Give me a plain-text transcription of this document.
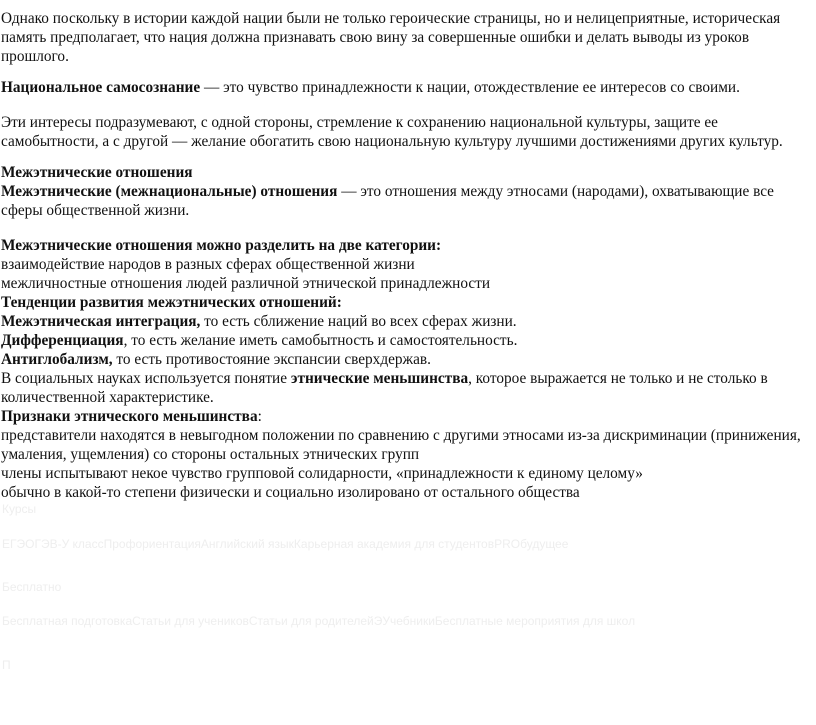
Однако поскольку в истории каждой нации были не только героические страницы, но и нелицеприятные, историческая память предполагает, что нация должна признавать свою вину за совершенные ошибки и делать выводы из уроков прошлого.

Национальное самосознание — это чувство принадлежности к нации, отождествление ее интересов со своими.

Эти интересы подразумевают, с одной стороны, стремление к сохранению национальной культуры, защите ее самобытности, а с другой — желание обогатить свою национальную культуру лучшими достижениями других культур.

Межэтнические отношения

Межэтнические (межнациональные) отношения — это отношения между этносами (народами), охватывающие все сферы общественной жизни.

Межэтнические отношения можно разделить на две категории:

взаимодействие народов в разных сферах общественной жизни

межличностные отношения людей различной этнической принадлежности

Тенденции развития межэтнических отношений:

Межэтническая интеграция, то есть сближение наций во всех сферах жизни.

Дифференциация, то есть желание иметь самобытность и самостоятельность.

Антиглобализм, то есть противостояние экспансии сверхдержав.

В социальных науках используется понятие этнические меньшинства, которое выражается не только и не столько в количественной характеристике.

Признаки этнического меньшинства:

представители находятся в невыгодном положении по сравнению с другими этносами из-за дискриминации (принижения, умаления, ущемления) со стороны остальных этнических групп

члены испытывают некое чувство групповой солидарности, «принадлежности к единому целому»

обычно в какой-то степени физически и социально изолировано от остального общества

Курсы
ЕГЭОГЭВ-У классПрофориентацияАнглийский языкКарьерная академия для студентовPROбудущее
Бесплатно
Бесплатная подготовкаСтатьи для учениковСтатьи для родителейЭУчебникиБесплатные мероприятия для школ
П
